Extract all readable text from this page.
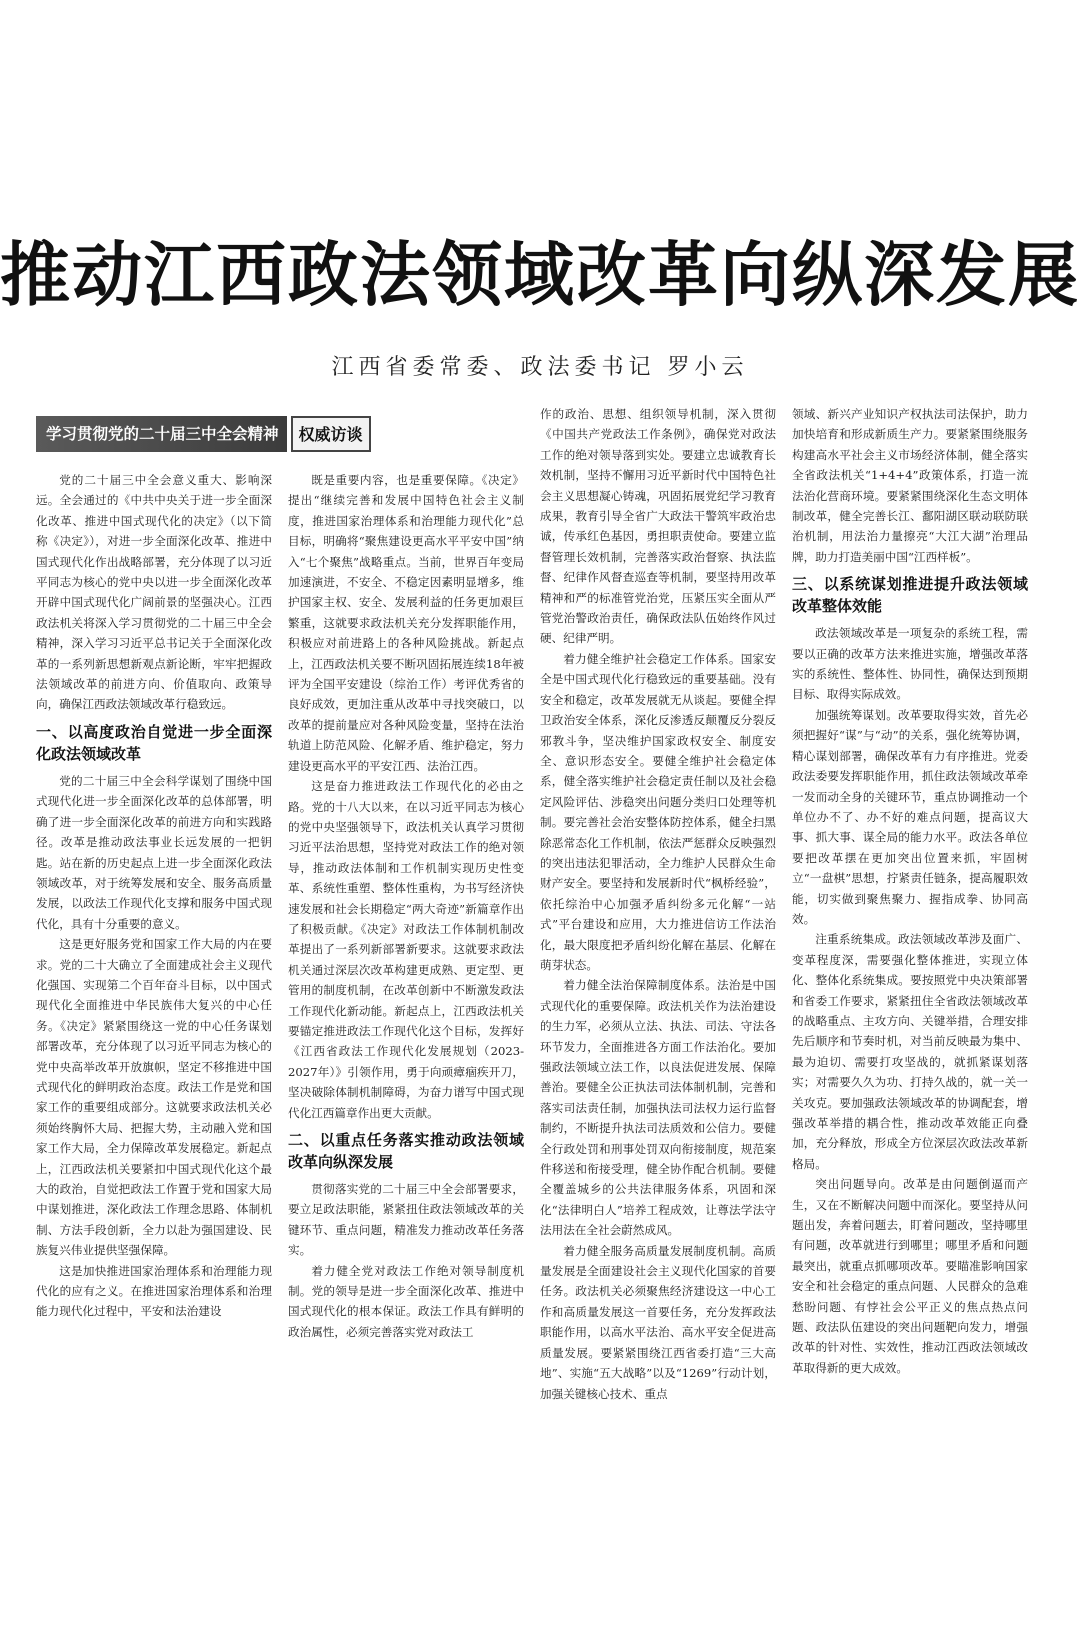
推动江西政法领域改革向纵深发展
江西省委常委、政法委书记 罗小云
学习贯彻党的二十届三中全会精神	权威访谈

党的二十届三中全会意义重大、影响深远。全会通过的《中共中央关于进一步全面深化改革、推进中国式现代化的决定》（以下简称《决定》），对进一步全面深化改革、推进中国式现代化作出战略部署，充分体现了以习近平同志为核心的党中央以进一步全面深化改革开辟中国式现代化广阔前景的坚强决心。江西政法机关将深入学习贯彻党的二十届三中全会精神，深入学习习近平总书记关于全面深化改革的一系列新思想新观点新论断，牢牢把握政法领域改革的前进方向、价值取向、政策导向，确保江西政法领域改革行稳致远。

一、以高度政治自觉进一步全面深化政法领域改革

党的二十届三中全会科学谋划了围绕中国式现代化进一步全面深化改革的总体部署，明确了进一步全面深化改革的前进方向和实践路径。改革是推动政法事业长远发展的一把钥匙。站在新的历史起点上进一步全面深化政法领域改革，对于统筹发展和安全、服务高质量发展，以政法工作现代化支撑和服务中国式现代化，具有十分重要的意义。

这是更好服务党和国家工作大局的内在要求。党的二十大确立了全面建成社会主义现代化强国、实现第二个百年奋斗目标，以中国式现代化全面推进中华民族伟大复兴的中心任务。《决定》紧紧围绕这一党的中心任务谋划部署改革，充分体现了以习近平同志为核心的党中央高举改革开放旗帜，坚定不移推进中国式现代化的鲜明政治态度。政法工作是党和国家工作的重要组成部分。这就要求政法机关必须始终胸怀大局、把握大势，主动融入党和国家工作大局，全力保障改革发展稳定。新起点上，江西政法机关要紧扣中国式现代化这个最大的政治，自觉把政法工作置于党和国家大局中谋划推进，深化政法工作理念思路、体制机制、方法手段创新，全力以赴为强国建设、民族复兴伟业提供坚强保障。

这是加快推进国家治理体系和治理能力现代化的应有之义。在推进国家治理体系和治理能力现代化过程中，平安和法治建设

既是重要内容，也是重要保障。《决定》提出“继续完善和发展中国特色社会主义制度，推进国家治理体系和治理能力现代化”总目标，明确将“聚焦建设更高水平平安中国”纳入“七个聚焦”战略重点。当前，世界百年变局加速演进，不安全、不稳定因素明显增多，维护国家主权、安全、发展利益的任务更加艰巨繁重，这就要求政法机关充分发挥职能作用，积极应对前进路上的各种风险挑战。新起点上，江西政法机关要不断巩固拓展连续18年被评为全国平安建设（综治工作）考评优秀省的良好成效，更加注重从改革中寻找突破口，以改革的提前量应对各种风险变量，坚持在法治轨道上防范风险、化解矛盾、维护稳定，努力建设更高水平的平安江西、法治江西。

这是奋力推进政法工作现代化的必由之路。党的十八大以来，在以习近平同志为核心的党中央坚强领导下，政法机关认真学习贯彻习近平法治思想，坚持党对政法工作的绝对领导，推动政法体制和工作机制实现历史性变革、系统性重塑、整体性重构，为书写经济快速发展和社会长期稳定“两大奇迹”新篇章作出了积极贡献。《决定》对政法工作体制机制改革提出了一系列新部署新要求。这就要求政法机关通过深层次改革构建更成熟、更定型、更管用的制度机制，在改革创新中不断激发政法工作现代化新动能。新起点上，江西政法机关要锚定推进政法工作现代化这个目标，发挥好《江西省政法工作现代化发展规划（2023-2027年）》引领作用，勇于向顽瘴痼疾开刀，坚决破除体制机制障碍，为奋力谱写中国式现代化江西篇章作出更大贡献。

二、以重点任务落实推动政法领域改革向纵深发展

贯彻落实党的二十届三中全会部署要求，要立足政法职能，紧紧扭住政法领域改革的关键环节、重点问题，精准发力推动改革任务落实。

着力健全党对政法工作绝对领导制度机制。党的领导是进一步全面深化改革、推进中国式现代化的根本保证。政法工作具有鲜明的政治属性，必须完善落实党对政法工

作的政治、思想、组织领导机制，深入贯彻《中国共产党政法工作条例》，确保党对政法工作的绝对领导落到实处。要建立忠诚教育长效机制，坚持不懈用习近平新时代中国特色社会主义思想凝心铸魂，巩固拓展党纪学习教育成果，教育引导全省广大政法干警筑牢政治忠诚，传承红色基因，勇担职责使命。要建立监督管理长效机制，完善落实政治督察、执法监督、纪律作风督查巡查等机制，要坚持用改革精神和严的标准管党治党，压紧压实全面从严管党治警政治责任，确保政法队伍始终作风过硬、纪律严明。

着力健全维护社会稳定工作体系。国家安全是中国式现代化行稳致远的重要基础。没有安全和稳定，改革发展就无从谈起。要健全捍卫政治安全体系，深化反渗透反颠覆反分裂反邪教斗争，坚决维护国家政权安全、制度安全、意识形态安全。要健全维护社会稳定体系，健全落实维护社会稳定责任制以及社会稳定风险评估、涉稳突出问题分类归口处理等机制。要完善社会治安整体防控体系，健全扫黑除恶常态化工作机制，依法严惩群众反映强烈的突出违法犯罪活动，全力维护人民群众生命财产安全。要坚持和发展新时代“枫桥经验”，依托综治中心加强矛盾纠纷多元化解“一站式”平台建设和应用，大力推进信访工作法治化，最大限度把矛盾纠纷化解在基层、化解在萌芽状态。

着力健全法治保障制度体系。法治是中国式现代化的重要保障。政法机关作为法治建设的生力军，必须从立法、执法、司法、守法各环节发力，全面推进各方面工作法治化。要加强政法领域立法工作，以良法促进发展、保障善治。要健全公正执法司法体制机制，完善和落实司法责任制，加强执法司法权力运行监督制约，不断提升执法司法质效和公信力。要健全行政处罚和刑事处罚双向衔接制度，规范案件移送和衔接受理，健全协作配合机制。要健全覆盖城乡的公共法律服务体系，巩固和深化“法律明白人”培养工程成效，让尊法学法守法用法在全社会蔚然成风。

着力健全服务高质量发展制度机制。高质量发展是全面建设社会主义现代化国家的首要任务。政法机关必须聚焦经济建设这一中心工作和高质量发展这一首要任务，充分发挥政法职能作用，以高水平法治、高水平安全促进高质量发展。要紧紧围绕江西省委打造“三大高地”、实施“五大战略”以及“1269”行动计划，加强关键核心技术、重点

领域、新兴产业知识产权执法司法保护，助力加快培育和形成新质生产力。要紧紧围绕服务构建高水平社会主义市场经济体制，健全落实全省政法机关“1+4+4”政策体系，打造一流法治化营商环境。要紧紧围绕深化生态文明体制改革，健全完善长江、鄱阳湖区联动联防联治机制，用法治力量擦亮“大江大湖”治理品牌，助力打造美丽中国“江西样板”。

三、以系统谋划推进提升政法领域改革整体效能

政法领域改革是一项复杂的系统工程，需要以正确的改革方法来推进实施，增强改革落实的系统性、整体性、协同性，确保达到预期目标、取得实际成效。

加强统筹谋划。改革要取得实效，首先必须把握好“谋”与“动”的关系，强化统筹协调，精心谋划部署，确保改革有力有序推进。党委政法委要发挥职能作用，抓住政法领域改革牵一发而动全身的关键环节，重点协调推动一个单位办不了、办不好的难点问题，提高议大事、抓大事、谋全局的能力水平。政法各单位要把改革摆在更加突出位置来抓，牢固树立“一盘棋”思想，拧紧责任链条，提高履职效能，切实做到聚焦聚力、握指成拳、协同高效。

注重系统集成。政法领域改革涉及面广、变革程度深，需要强化整体推进，实现立体化、整体化系统集成。要按照党中央决策部署和省委工作要求，紧紧扭住全省政法领域改革的战略重点、主攻方向、关键举措，合理安排先后顺序和节奏时机，对当前反映最为集中、最为迫切、需要打攻坚战的，就抓紧谋划落实；对需要久久为功、打持久战的，就一关一关攻克。要加强政法领域改革的协调配套，增强改革举措的耦合性，推动改革效能正向叠加，充分释放，形成全方位深层次政法改革新格局。

突出问题导向。改革是由问题倒逼而产生，又在不断解决问题中而深化。要坚持从问题出发，奔着问题去，盯着问题改，坚持哪里有问题，改革就进行到哪里；哪里矛盾和问题最突出，就重点抓哪项改革。要瞄准影响国家安全和社会稳定的重点问题、人民群众的急难愁盼问题、有悖社会公平正义的焦点热点问题、政法队伍建设的突出问题靶向发力，增强改革的针对性、实效性，推动江西政法领域改革取得新的更大成效。
